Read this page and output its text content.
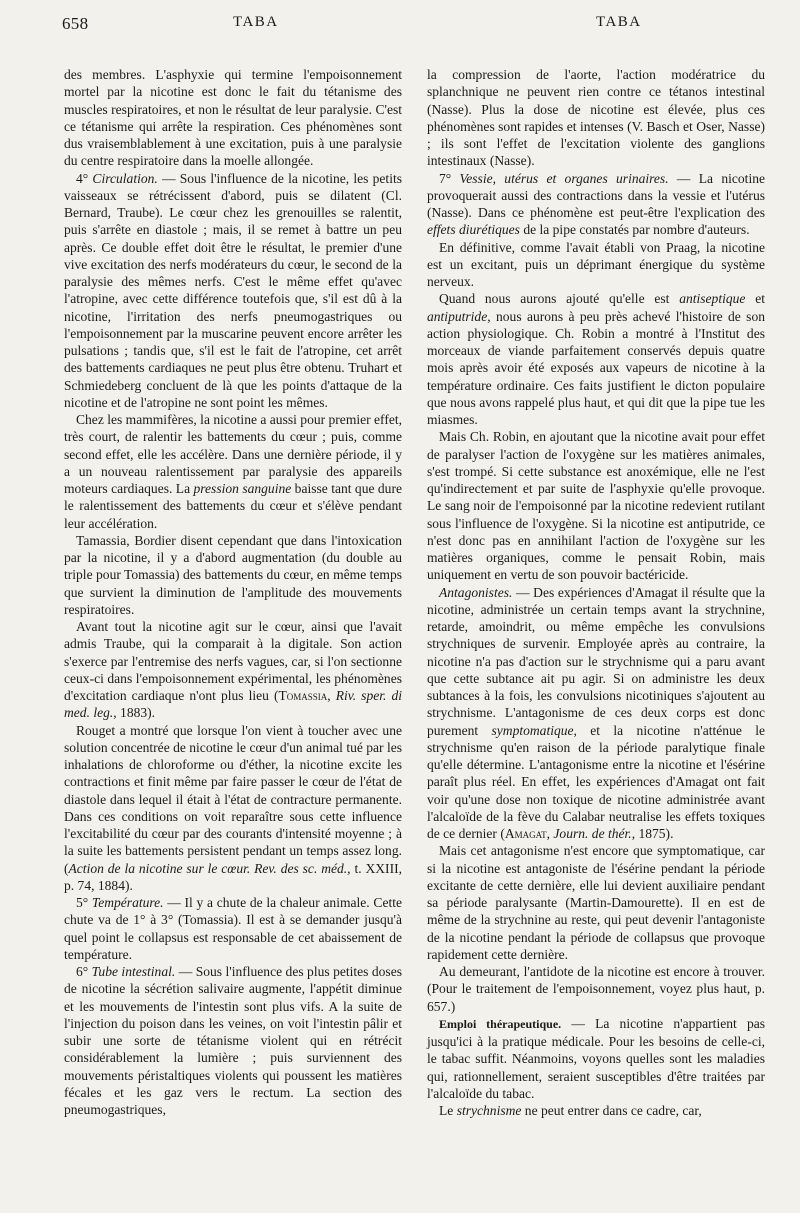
658	TABA	TABA

des membres. L'asphyxie qui termine l'empoisonnement mortel par la nicotine est donc le fait du tétanisme des muscles respiratoires, et non le résultat de leur paralysie. C'est ce tétanisme qui arrête la respiration. Ces phénomènes sont dus vraisemblablement à une excitation, puis à une paralysie du centre respiratoire dans la moelle allongée.

4° Circulation. — Sous l'influence de la nicotine, les petits vaisseaux se rétrécissent d'abord, puis se dilatent (Cl. Bernard, Traube). Le cœur chez les grenouilles se ralentit, puis s'arrête en diastole ; mais, il se remet à battre un peu après. Ce double effet doit être le résultat, le premier d'une vive excitation des nerfs modérateurs du cœur, le second de la paralysie des mêmes nerfs. C'est le même effet qu'avec l'atropine, avec cette différence toutefois que, s'il est dû à la nicotine, l'irritation des nerfs pneumogastriques ou l'empoisonnement par la muscarine peuvent encore arrêter les pulsations ; tandis que, s'il est le fait de l'atropine, cet arrêt des battements cardiaques ne peut plus être obtenu. Truhart et Schmiedeberg concluent de là que les points d'attaque de la nicotine et de l'atropine ne sont point les mêmes.

Chez les mammifères, la nicotine a aussi pour premier effet, très court, de ralentir les battements du cœur ; puis, comme second effet, elle les accélère. Dans une dernière période, il y a un nouveau ralentissement par paralysie des appareils moteurs cardiaques. La pression sanguine baisse tant que dure le ralentissement des battements du cœur et s'élève pendant leur accélération.

Tamassia, Bordier disent cependant que dans l'intoxication par la nicotine, il y a d'abord augmentation (du double au triple pour Tomassia) des battements du cœur, en même temps que survient la diminution de l'amplitude des mouvements respiratoires.

Avant tout la nicotine agit sur le cœur, ainsi que l'avait admis Traube, qui la comparait à la digitale. Son action s'exerce par l'entremise des nerfs vagues, car, si l'on sectionne ceux-ci dans l'empoisonnement expérimental, les phénomènes d'excitation cardiaque n'ont plus lieu (Tomassia, Riv. sper. di med. leg., 1883).

Rouget a montré que lorsque l'on vient à toucher avec une solution concentrée de nicotine le cœur d'un animal tué par les inhalations de chloroforme ou d'éther, la nicotine excite les contractions et finit même par faire passer le cœur de l'état de diastole dans lequel il était à l'état de contracture permanente. Dans ces conditions on voit reparaître sous cette influence l'excitabilité du cœur par des courants d'intensité moyenne ; à la suite les battements persistent pendant un temps assez long. (Action de la nicotine sur le cœur. Rev. des sc. méd., t. XXIII, p. 74, 1884).

5° Température. — Il y a chute de la chaleur animale. Cette chute va de 1° à 3° (Tomassia). Il est à se demander jusqu'à quel point le collapsus est responsable de cet abaissement de température.

6° Tube intestinal. — Sous l'influence des plus petites doses de nicotine la sécrétion salivaire augmente, l'appétit diminue et les mouvements de l'intestin sont plus vifs. A la suite de l'injection du poison dans les veines, on voit l'intestin pâlir et subir une sorte de tétanisme violent qui en rétrécit considérablement la lumière ; puis surviennent des mouvements péristaltiques violents qui poussent les matières fécales et les gaz vers le rectum. La section des pneumogastriques,

la compression de l'aorte, l'action modératrice du splanchnique ne peuvent rien contre ce tétanos intestinal (Nasse). Plus la dose de nicotine est élevée, plus ces phénomènes sont rapides et intenses (V. Basch et Oser, Nasse) ; ils sont l'effet de l'excitation violente des ganglions intestinaux (Nasse).

7° Vessie, utérus et organes urinaires. — La nicotine provoquerait aussi des contractions dans la vessie et l'utérus (Nasse). Dans ce phénomène est peut-être l'explication des effets diurétiques de la pipe constatés par nombre d'auteurs.

En définitive, comme l'avait établi von Praag, la nicotine est un excitant, puis un déprimant énergique du système nerveux.

Quand nous aurons ajouté qu'elle est antiseptique et antiputride, nous aurons à peu près achevé l'histoire de son action physiologique. Ch. Robin a montré à l'Institut des morceaux de viande parfaitement conservés depuis quatre mois après avoir été exposés aux vapeurs de nicotine à la température ordinaire. Ces faits justifient le dicton populaire que nous avons rappelé plus haut, et qui dit que la pipe tue les miasmes.

Mais Ch. Robin, en ajoutant que la nicotine avait pour effet de paralyser l'action de l'oxygène sur les matières animales, s'est trompé. Si cette substance est anoxémique, elle ne l'est qu'indirectement et par suite de l'asphyxie qu'elle provoque. Le sang noir de l'empoisonné par la nicotine redevient rutilant sous l'influence de l'oxygène. Si la nicotine est antiputride, ce n'est donc pas en annihilant l'action de l'oxygène sur les matières organiques, comme le pensait Robin, mais uniquement en vertu de son pouvoir bactéricide.

Antagonistes. — Des expériences d'Amagat il résulte que la nicotine, administrée un certain temps avant la strychnine, retarde, amoindrit, ou même empêche les convulsions strychniques de survenir. Employée après au contraire, la nicotine n'a pas d'action sur le strychnisme qui a paru avant que cette subtance ait pu agir. Si on administre les deux subtances à la fois, les convulsions nicotiniques s'ajoutent au strychnisme. L'antagonisme de ces deux corps est donc purement symptomatique, et la nicotine n'atténue le strychnisme qu'en raison de la période paralytique finale qu'elle détermine. L'antagonisme entre la nicotine et l'ésérine paraît plus réel. En effet, les expériences d'Amagat ont fait voir qu'une dose non toxique de nicotine administrée avant l'alcaloïde de la fève du Calabar neutralise les effets toxiques de ce dernier (Amagat, Journ. de thér., 1875).

Mais cet antagonisme n'est encore que symptomatique, car si la nicotine est antagoniste de l'ésérine pendant la période excitante de cette dernière, elle lui devient auxiliaire pendant sa période paralysante (Martin-Damourette). Il en est de même de la strychnine au reste, qui peut devenir l'antagoniste de la nicotine pendant la période de collapsus que provoque rapidement cette dernière.

Au demeurant, l'antidote de la nicotine est encore à trouver. (Pour le traitement de l'empoisonnement, voyez plus haut, p. 657.)

Emploi thérapeutique. — La nicotine n'appartient pas jusqu'ici à la pratique médicale. Pour les besoins de celle-ci, le tabac suffit. Néanmoins, voyons quelles sont les maladies qui, rationnellement, seraient susceptibles d'être traitées par l'alcaloïde du tabac.

Le strychnisme ne peut entrer dans ce cadre, car,
